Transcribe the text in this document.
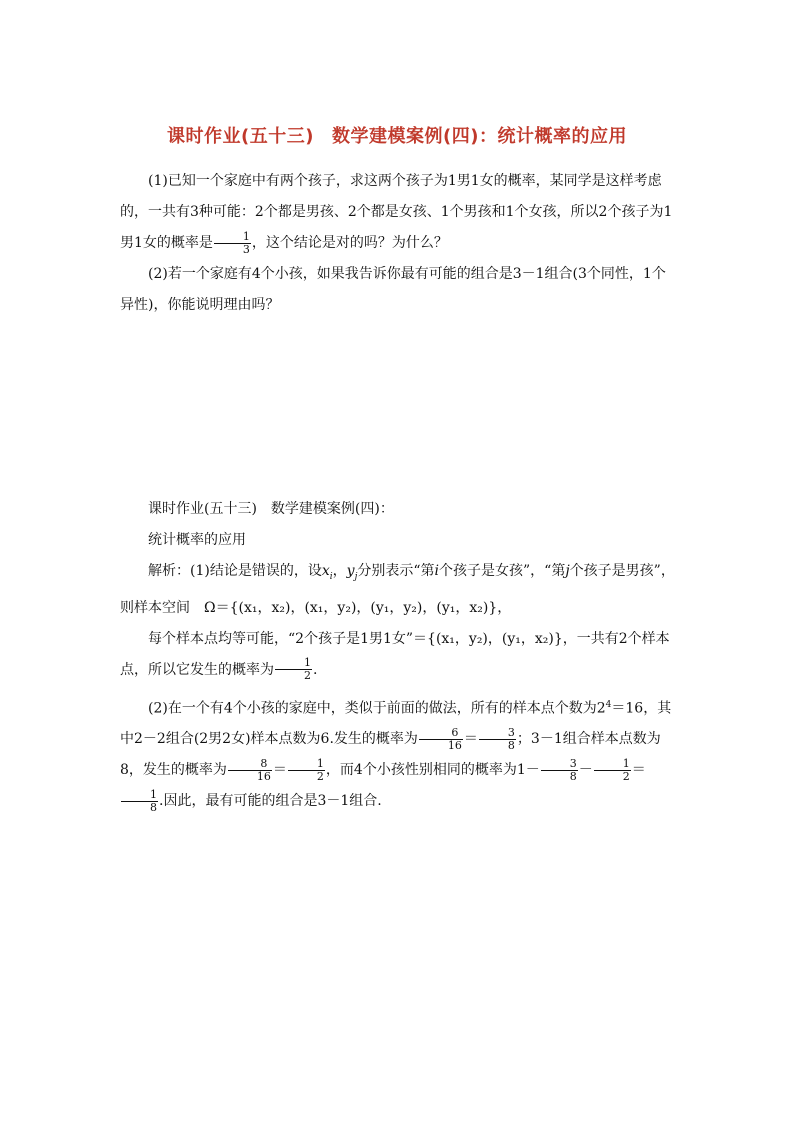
课时作业(五十三) 数学建模案例(四)：统计概率的应用

(1)已知一个家庭中有两个孩子，求这两个孩子为1男1女的概率，某同学是这样考虑的，一共有3种可能：2个都是男孩、2个都是女孩、1个男孩和1个女孩，所以2个孩子为1男1女的概率是 $\frac{1}{3}$ ，这个结论是对的吗？为什么？

(2)若一个家庭有4个小孩，如果我告诉你最有可能的组合是3－1组合(3个同性，1个异性)，你能说明理由吗？

课时作业(五十三)　数学建模案例(四)：

统计概率的应用

解析：(1)结论是错误的，设$x_i$，$y_j$分别表示“第i个孩子是女孩”，“第j个孩子是男孩”，则样本空间　 Ω＝{(x₁，x₂)，(x₁，y₂)，(y₁，y₂)，(y₁，x₂)}，

每个样本点均等可能，“2个孩子是1男1女”＝{(x₁，y₂)，(y₁，x₂)}，一共有2个样本点，所以它发生的概率为 $\frac{1}{2}$ .

(2)在一个有4个小孩的家庭中，类似于前面的做法，所有的样本点个数为$2^4=16$，其中2－2组合(2男2女)样本点数为6.发生的概率为 $\frac{6}{16} = \frac{3}{8}$ ；3－1组合样本点数为8，发生的概率为 $\frac{8}{16} = \frac{1}{2}$ ，而4个小孩性别相同的概率为$1- \frac{3}{8} - \frac{1}{2}$ ＝
$\frac{1}{8}$ .因此，最有可能的组合是3－1组合.
